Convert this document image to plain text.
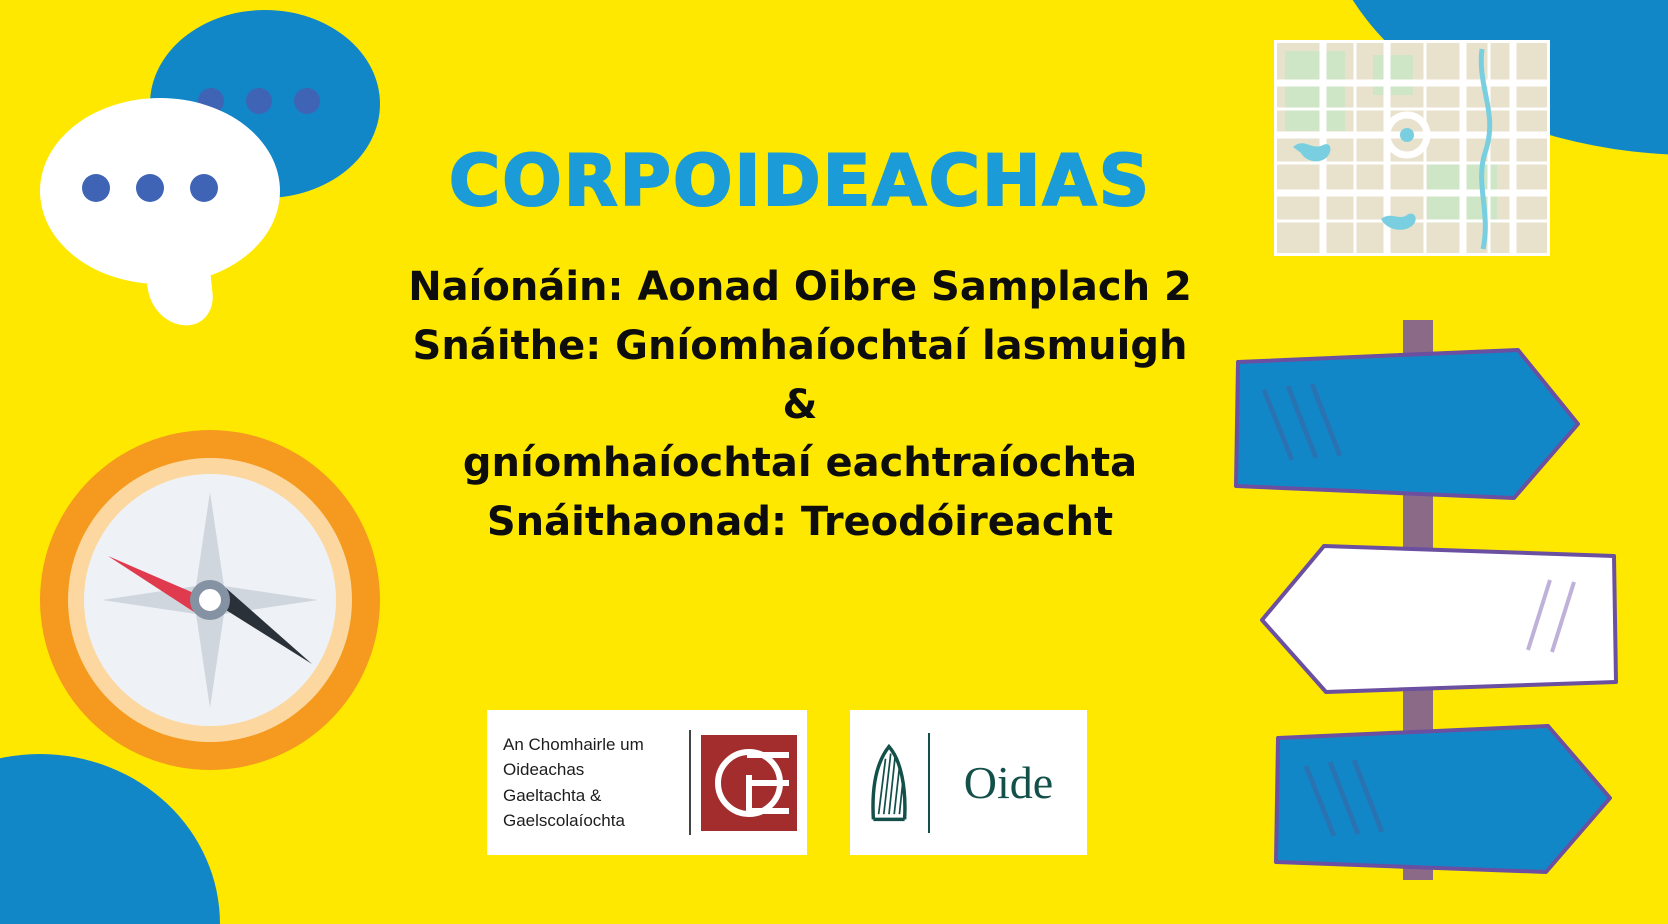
CORPOIDEACHAS
Naíonáin: Aonad Oibre Samplach 2
Snáithe: Gníomhaíochtaí lasmuigh &
gníomhaíochtaí eachtraíochta
Snáithaonad: Treodóireacht
An Chomhairle um Oideachas
Gaeltachta & Gaelscolaíochta
Oide
